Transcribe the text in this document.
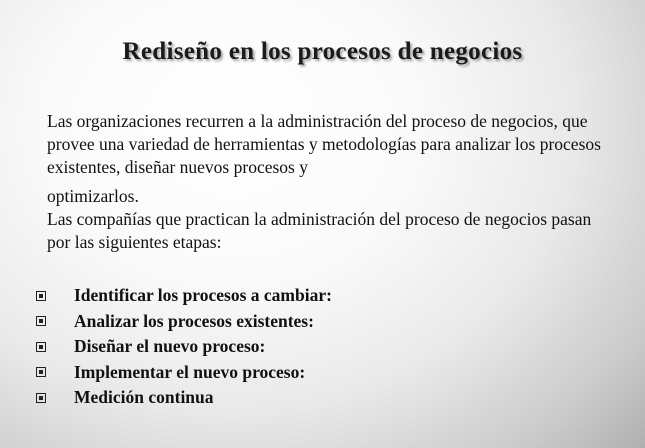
Rediseño en los procesos de negocios

Las organizaciones recurren a la administración del proceso de negocios, que provee una variedad de herramientas y metodologías para analizar los procesos existentes, diseñar nuevos procesos y
optimizarlos.

Las compañías que practican la administración del proceso de negocios pasan por las siguientes etapas:

Identificar los procesos a cambiar:
Analizar los procesos existentes:
Diseñar el nuevo proceso:
Implementar el nuevo proceso:
Medición continua
